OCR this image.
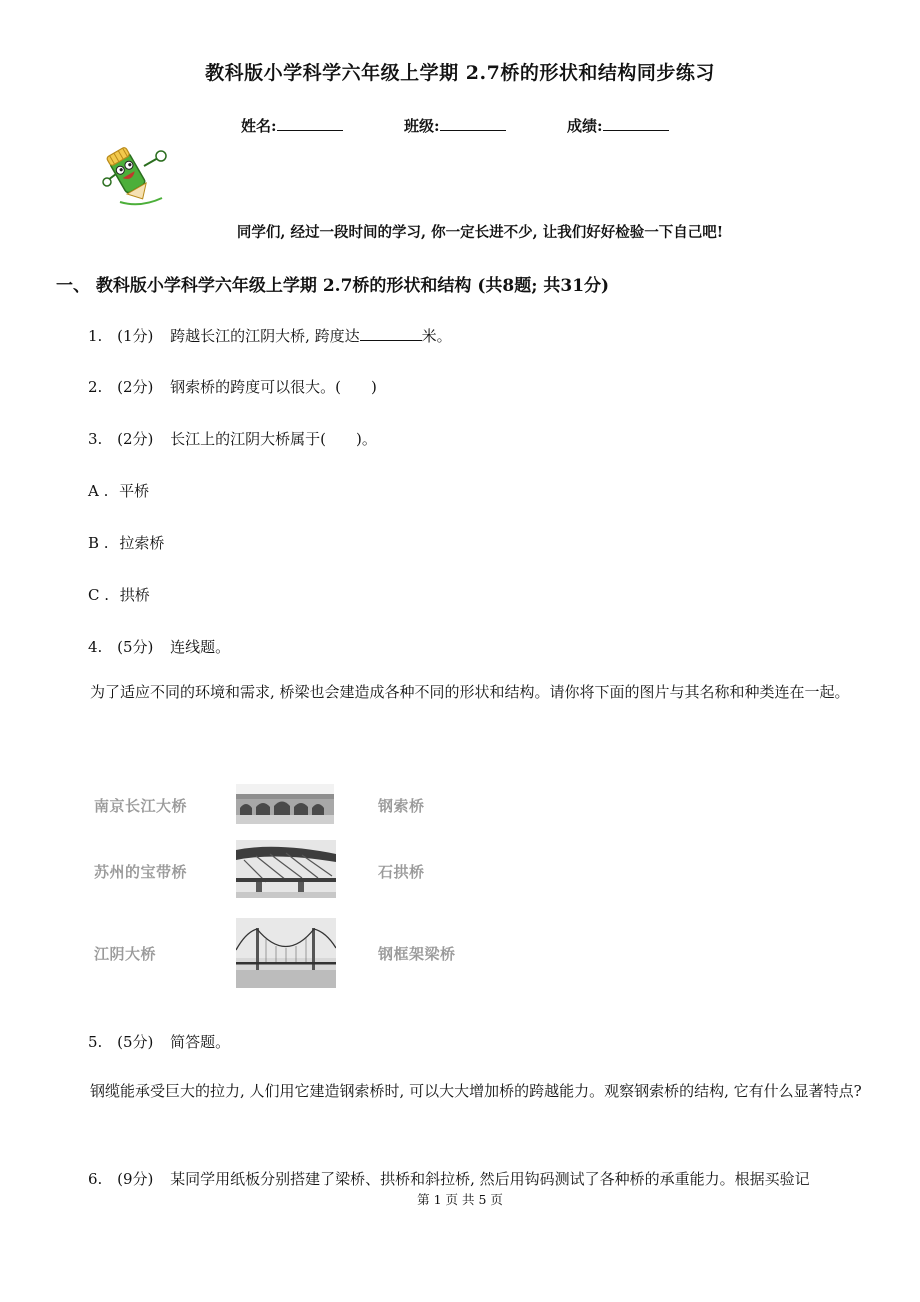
教科版小学科学六年级上学期 2.7桥的形状和结构同步练习
姓名:	班级:	成绩:
同学们, 经过一段时间的学习, 你一定长进不少, 让我们好好检验一下自己吧!
一、 教科版小学科学六年级上学期 2.7桥的形状和结构 (共8题; 共31分)
1. (1分) 跨越长江的江阴大桥, 跨度达	米。
2. (2分) 钢索桥的跨度可以很大。(　　)
3. (2分) 长江上的江阴大桥属于(　　)。
A . 平桥
B . 拉索桥
C . 拱桥
4. (5分) 连线题。
为了适应不同的环境和需求, 桥梁也会建造成各种不同的形状和结构。请你将下面的图片与其名称和种类连在一起。
南京长江大桥
苏州的宝带桥
江阴大桥
钢索桥
石拱桥
钢框架梁桥
5. (5分) 简答题。
钢缆能承受巨大的拉力, 人们用它建造钢索桥时, 可以大大增加桥的跨越能力。观察钢索桥的结构, 它有什么显著特点?
6. (9分) 某同学用纸板分别搭建了梁桥、拱桥和斜拉桥, 然后用钩码测试了各种桥的承重能力。根据买验记
第 1 页 共 5 页
